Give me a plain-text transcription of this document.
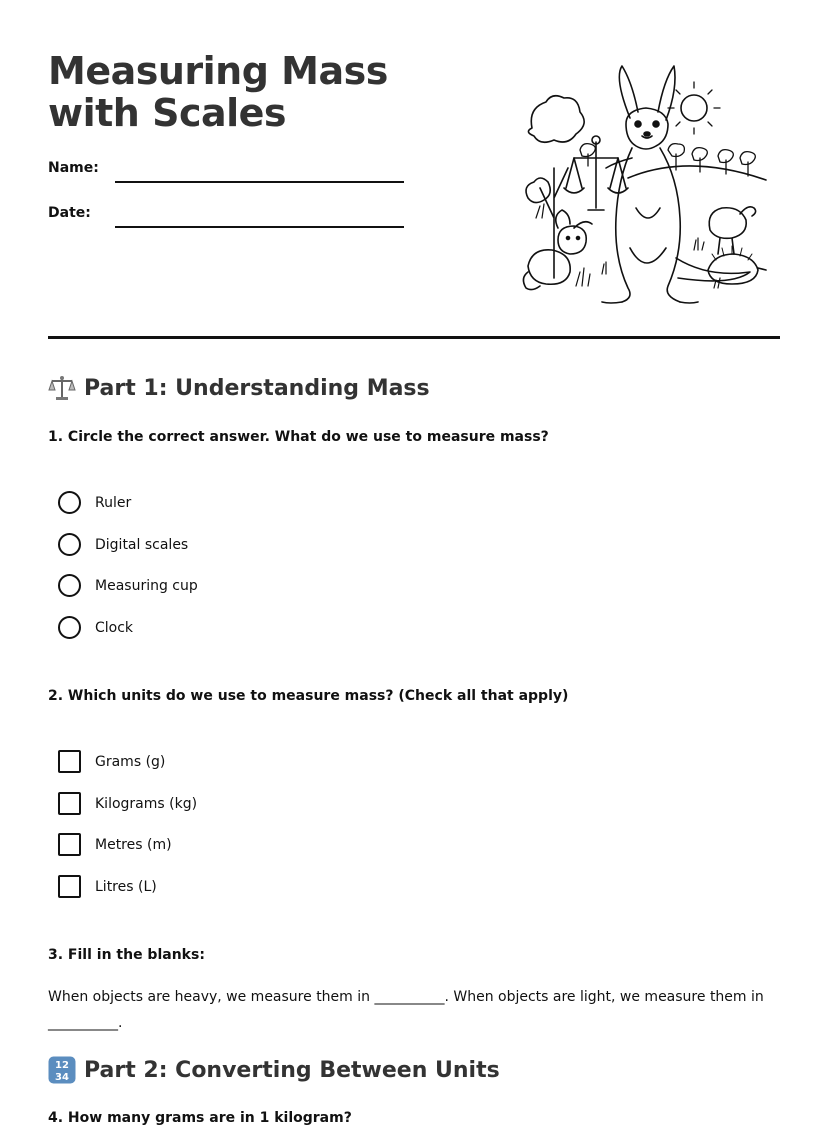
Measuring Mass with Scales
Name:
Date:
Part 1: Understanding Mass

1. Circle the correct answer. What do we use to measure mass?

Ruler
Digital scales
Measuring cup
Clock

2. Which units do we use to measure mass? (Check all that apply)

Grams (g)
Kilograms (kg)
Metres (m)
Litres (L)

3. Fill in the blanks:

When objects are heavy, we measure them in __________. When objects are light, we measure them in __________.

12
34 Part 2: Converting Between Units

4. How many grams are in 1 kilogram?
